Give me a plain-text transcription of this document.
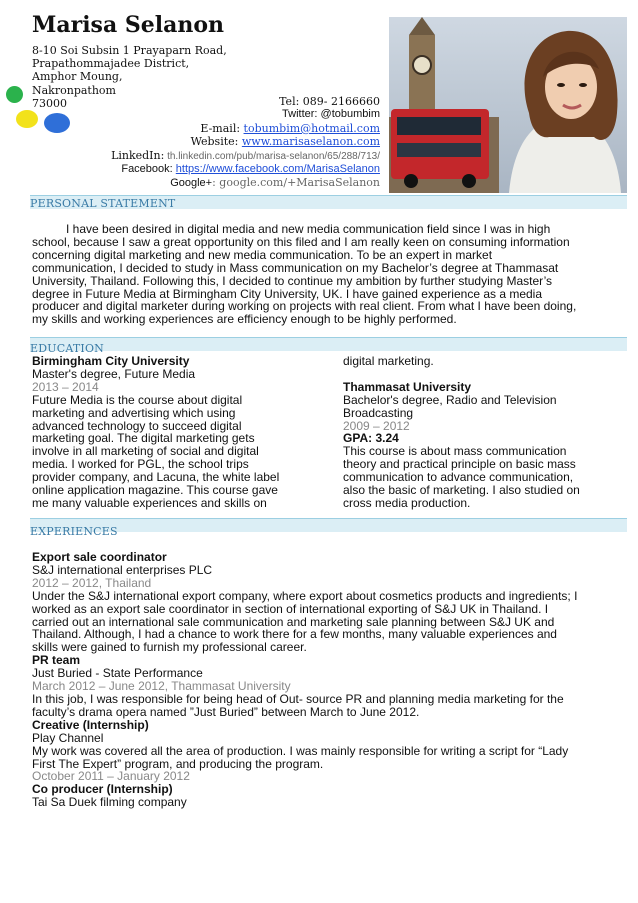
Marisa Selanon
8-10 Soi Subsin 1 Prayaparn Road,
Prapathommajadee District,
Amphor Moung,
Nakronpathom
73000	Tel: 089- 2166660
Twitter: @tobumbim
E-mail: tobumbim@hotmail.com
Website: www.marisaselanon.com
LinkedIn: th.linkedin.com/pub/marisa-selanon/65/288/713/
Facebook: https://www.facebook.com/MarisaSelanon
Google+: google.com/+MarisaSelanon
PERSONAL STATEMENT
I have been desired in digital media and new media communication field since I was in high
school, because I saw a great opportunity on this filed and I am really keen on consuming information
concerning digital marketing and new media communication. To be an expert in market
communication, I decided to study in Mass communication on my Bachelor’s degree at Thammasat
University, Thailand. Following this, I decided to continue my ambition by further studying Master’s
degree in Future Media at Birmingham City University, UK. I have gained experience as a media
producer and digital marketer during working on projects with real client. From what I have been doing,
my skills and working experiences are efficiency enough to be highly performed.
EDUCATION
Birmingham City University
Master's degree, Future Media
2013 – 2014
Future Media is the course about digital
marketing and advertising which using
advanced technology to succeed digital
marketing goal. The digital marketing gets
involve in all marketing of social and digital
media. I worked for PGL, the school trips
provider company, and Lacuna, the white label
online application magazine. This course gave
me many valuable experiences and skills on
digital marketing.
Thammasat University
Bachelor's degree, Radio and Television
Broadcasting
2009 – 2012
GPA: 3.24
This course is about mass communication
theory and practical principle on basic mass
communication to advance communication,
also the basic of marketing. I also studied on
cross media production.
EXPERIENCES
Export sale coordinator
S&J international enterprises PLC
2012 – 2012, Thailand
Under the S&J international export company, where export about cosmetics products and ingredients; I
worked as an export sale coordinator in section of international exporting of S&J UK in Thailand. I
carried out an international sale communication and marketing sale planning between S&J UK and
Thailand. Although, I had a chance to work there for a few months, many valuable experiences and
skills were gained to furnish my professional career.
PR team
Just Buried - State Performance
March 2012 – June 2012, Thammasat University
In this job, I was responsible for being head of Out- source PR and planning media marketing for the
faculty’s drama opera named ”Just Buried” between March to June 2012.
Creative (Internship)
Play Channel
My work was covered all the area of production. I was mainly responsible for writing a script for “Lady
First The Expert” program, and producing the program.
October 2011 – January 2012
Co producer (Internship)
Tai Sa Duek filming company
